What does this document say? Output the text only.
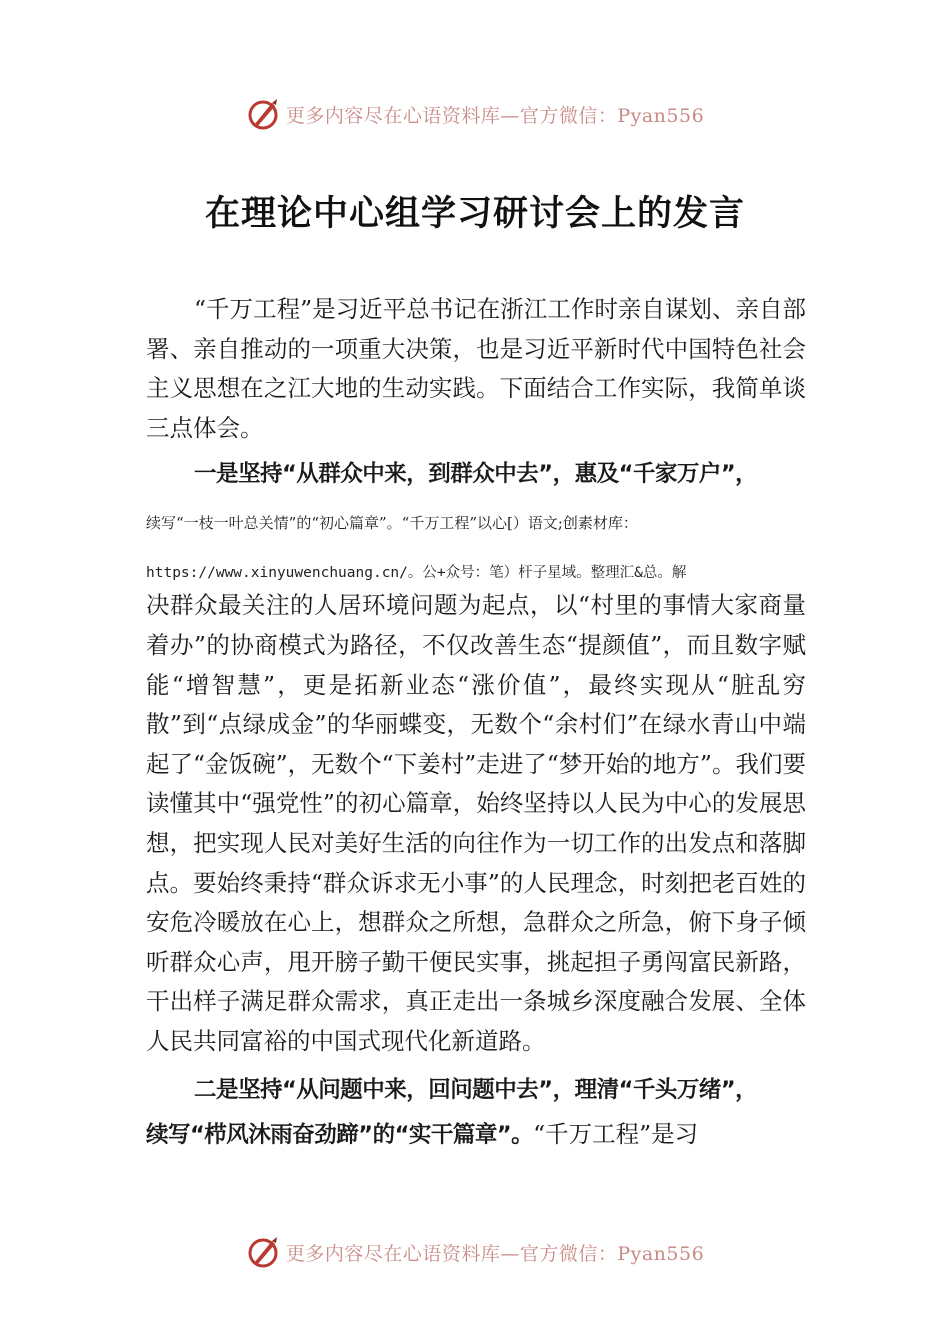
更多内容尽在心语资料库—官方微信：Pyan556
在理论中心组学习研讨会上的发言

“千万工程”是习近平总书记在浙江工作时亲自谋划、亲自部署、亲自推动的一项重大决策，也是习近平新时代中国特色社会主义思想在之江大地的生动实践。下面结合工作实际，我简单谈三点体会。

一是坚持“从群众中来，到群众中去”，惠及“千家万户”，

续写“一枝一叶总关情”的“初心篇章”。“千万工程”以心[）语文;创素材库：

https://www.xinyuwenchuang.cn/。公+众号：笔）杆子星域。整理汇&总。解

决群众最关注的人居环境问题为起点，以“村里的事情大家商量着办”的协商模式为路径，不仅改善生态“提颜值”，而且数字赋能“增智慧”，更是拓新业态“涨价值”，最终实现从“脏乱穷散”到“点绿成金”的华丽蝶变，无数个“余村们”在绿水青山中端起了“金饭碗”，无数个“下姜村”走进了“梦开始的地方”。我们要读懂其中“强党性”的初心篇章，始终坚持以人民为中心的发展思想，把实现人民对美好生活的向往作为一切工作的出发点和落脚点。要始终秉持“群众诉求无小事”的人民理念，时刻把老百姓的安危冷暖放在心上，想群众之所想，急群众之所急，俯下身子倾听群众心声，甩开膀子勤干便民实事，挑起担子勇闯富民新路，干出样子满足群众需求，真正走出一条城乡深度融合发展、全体人民共同富裕的中国式现代化新道路。

二是坚持“从问题中来，回问题中去”，理清“千头万绪”，

续写“栉风沐雨奋劲蹄”的“实干篇章”。“千万工程”是习

更多内容尽在心语资料库—官方微信：Pyan556
